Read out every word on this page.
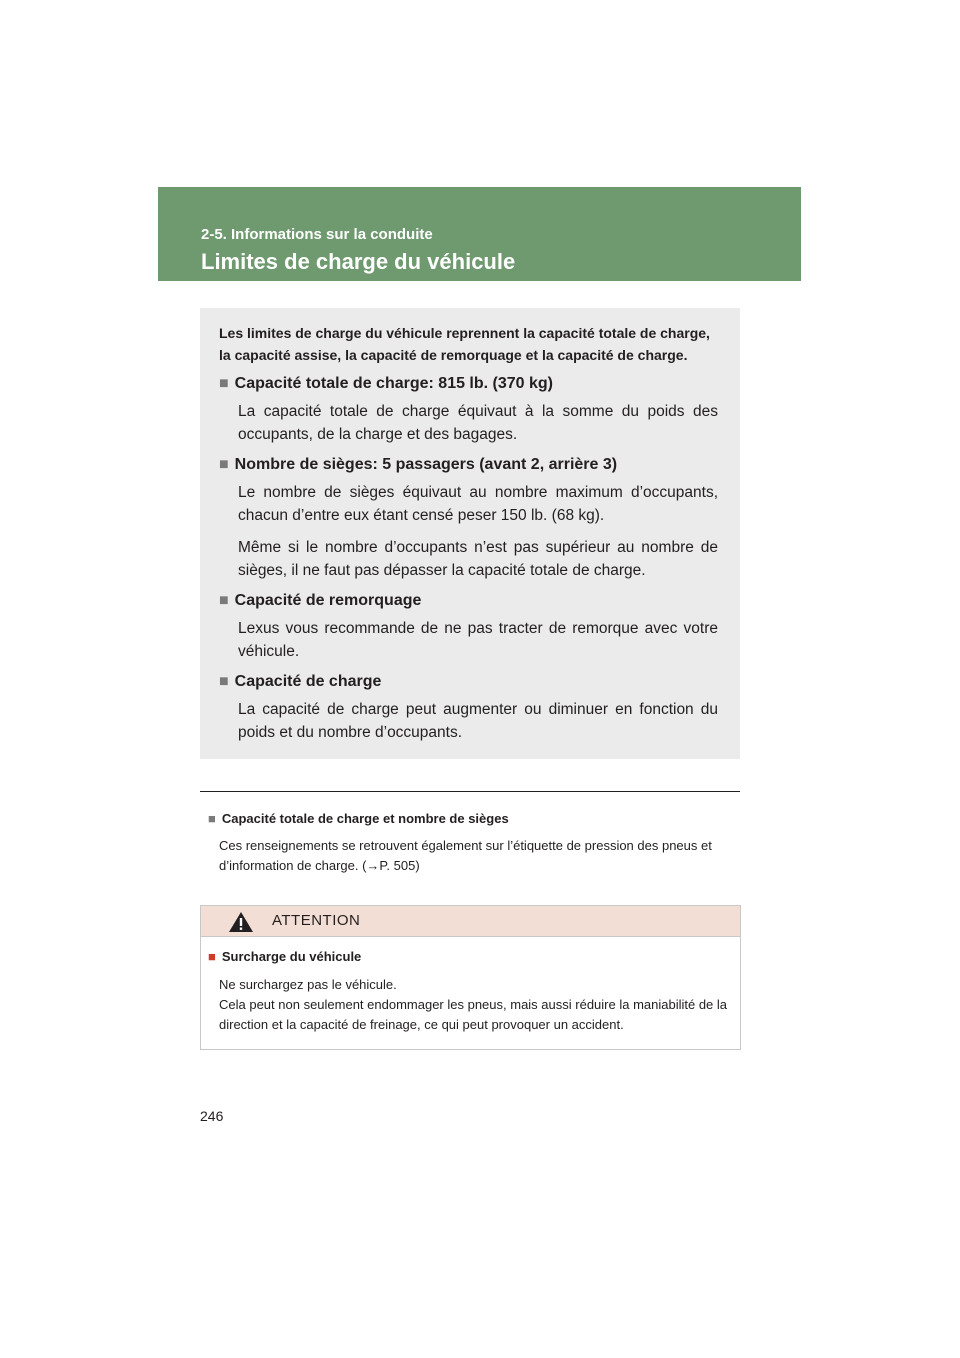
2-5. Informations sur la conduite
Limites de charge du véhicule
Les limites de charge du véhicule reprennent la capacité totale de charge, la capacité assise, la capacité de remorquage et la capacité de charge.
■ Capacité totale de charge: 815 lb. (370 kg)
La capacité totale de charge équivaut à la somme du poids des occupants, de la charge et des bagages.
■ Nombre de sièges: 5 passagers (avant 2, arrière 3)
Le nombre de sièges équivaut au nombre maximum d’occupants, chacun d’entre eux étant censé peser 150 lb. (68 kg).
Même si le nombre d’occupants n’est pas supérieur au nombre de sièges, il ne faut pas dépasser la capacité totale de charge.
■ Capacité de remorquage
Lexus vous recommande de ne pas tracter de remorque avec votre véhicule.
■ Capacité de charge
La capacité de charge peut augmenter ou diminuer en fonction du poids et du nombre d’occupants.
■ Capacité totale de charge et nombre de sièges
Ces renseignements se retrouvent également sur l’étiquette de pression des pneus et d’information de charge. (→P. 505)
ATTENTION
■ Surcharge du véhicule
Ne surchargez pas le véhicule.
Cela peut non seulement endommager les pneus, mais aussi réduire la maniabilité de la direction et la capacité de freinage, ce qui peut provoquer un accident.
246
